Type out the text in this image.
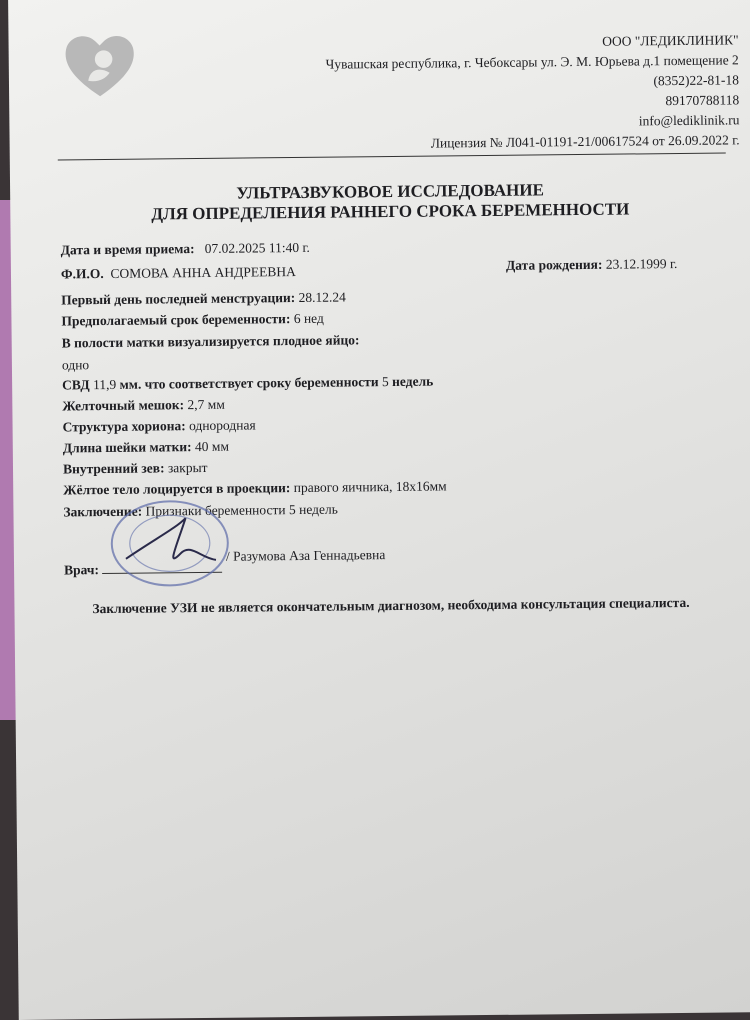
ООО "ЛЕДИКЛИНИК"
Чувашская республика, г. Чебоксары ул. Э. М. Юрьева д.1 помещение 2
(8352)22-81-18
89170788118
info@lediklinik.ru
Лицензия № Л041-01191-21/00617524 от 26.09.2022 г.
УЛЬТРАЗВУКОВОЕ ИССЛЕДОВАНИЕ
ДЛЯ ОПРЕДЕЛЕНИЯ РАННЕГО СРОКА БЕРЕМЕННОСТИ
Дата и время приема: 07.02.2025 11:40 г.
Ф.И.О. СОМОВА АННА АНДРЕЕВНА	Дата рождения: 23.12.1999 г.
Первый день последней менструации: 28.12.24
Предполагаемый срок беременности: 6 нед
В полости матки визуализируется плодное яйцо:
одно
СВД 11,9 мм. что соответствует сроку беременности 5 недель
Желточный мешок: 2,7 мм
Структура хориона: однородная
Длина шейки матки: 40 мм
Внутренний зев: закрыт
Жёлтое тело лоцируется в проекции: правого яичника, 18х16мм
Заключение: Признаки беременности 5 недель
Врач:
/ Разумова Аза Геннадьевна
Заключение УЗИ не является окончательным диагнозом, необходима консультация специалиста.
